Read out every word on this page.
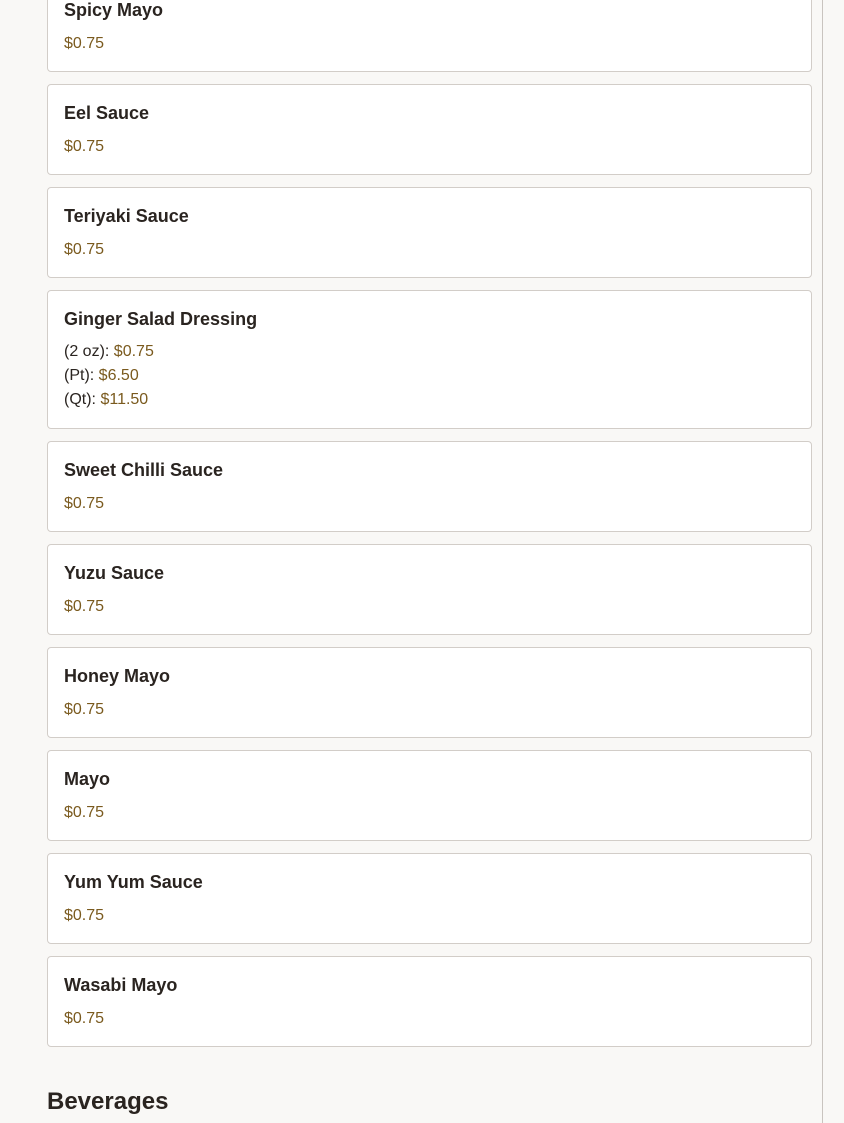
Spicy Mayo
$0.75
Eel Sauce
$0.75
Teriyaki Sauce
$0.75
Ginger Salad Dressing
(2 oz): $0.75
(Pt): $6.50
(Qt): $11.50
Sweet Chilli Sauce
$0.75
Yuzu Sauce
$0.75
Honey Mayo
$0.75
Mayo
$0.75
Yum Yum Sauce
$0.75
Wasabi Mayo
$0.75
Beverages
